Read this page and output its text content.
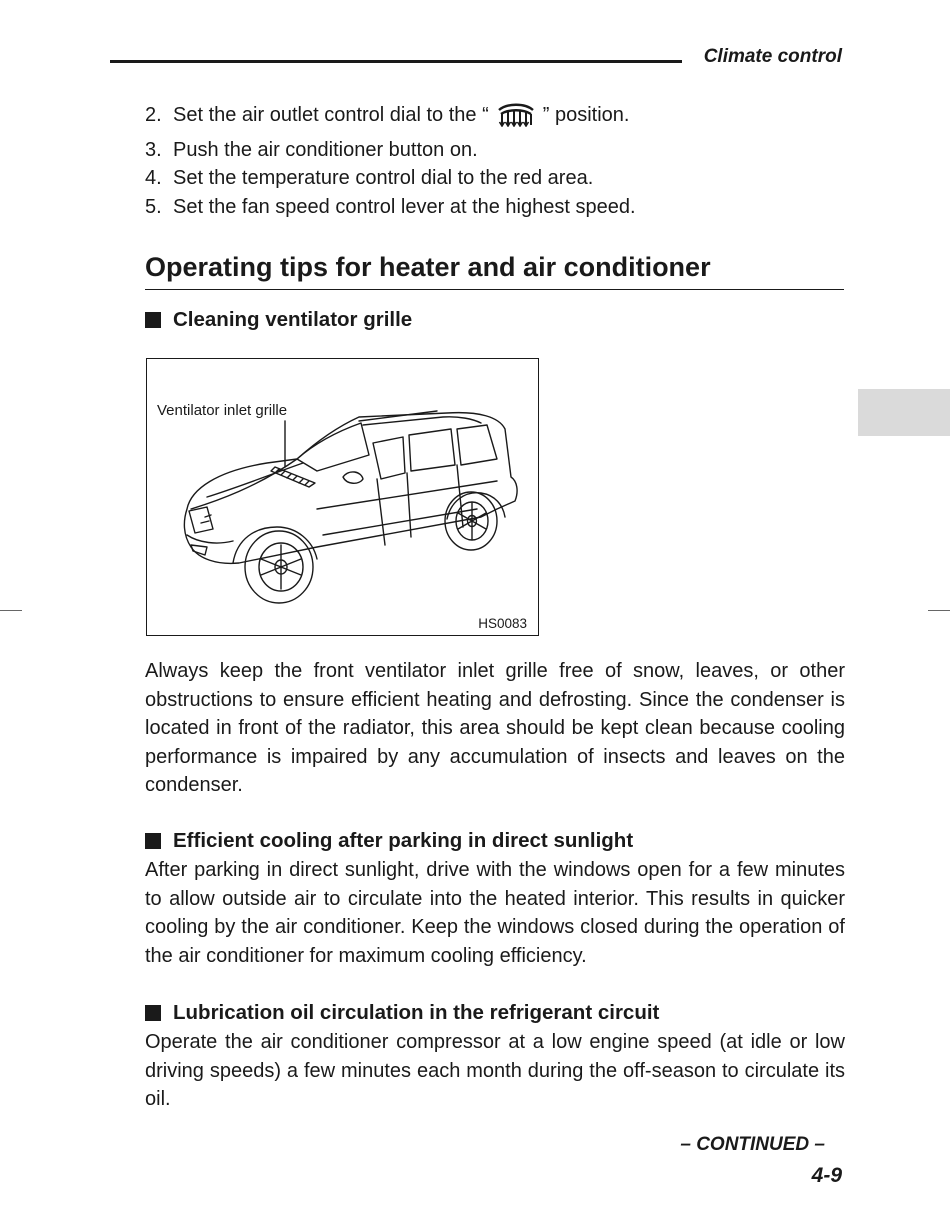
Climate control
2. Set the air outlet control dial to the “	” position.
3. Push the air conditioner button on.
4. Set the temperature control dial to the red area.
5. Set the fan speed control lever at the highest speed.
Operating tips for heater and air conditioner
Cleaning ventilator grille
Ventilator inlet grille
HS0083

Always keep the front ventilator inlet grille free of snow, leaves, or other obstructions to ensure efficient heating and defrosting. Since the condenser is located in front of the radiator, this area should be kept clean because cooling performance is impaired by any accumulation of insects and leaves on the condenser.

Efficient cooling after parking in direct sunlight

After parking in direct sunlight, drive with the windows open for a few minutes to allow outside air to circulate into the heated interior. This results in quicker cooling by the air conditioner. Keep the windows closed during the operation of the air conditioner for maximum cooling efficiency.

Lubrication oil circulation in the refrigerant circuit

Operate the air conditioner compressor at a low engine speed (at idle or low driving speeds) a few minutes each month during the off-season to circulate its oil.

– CONTINUED –
4-9
